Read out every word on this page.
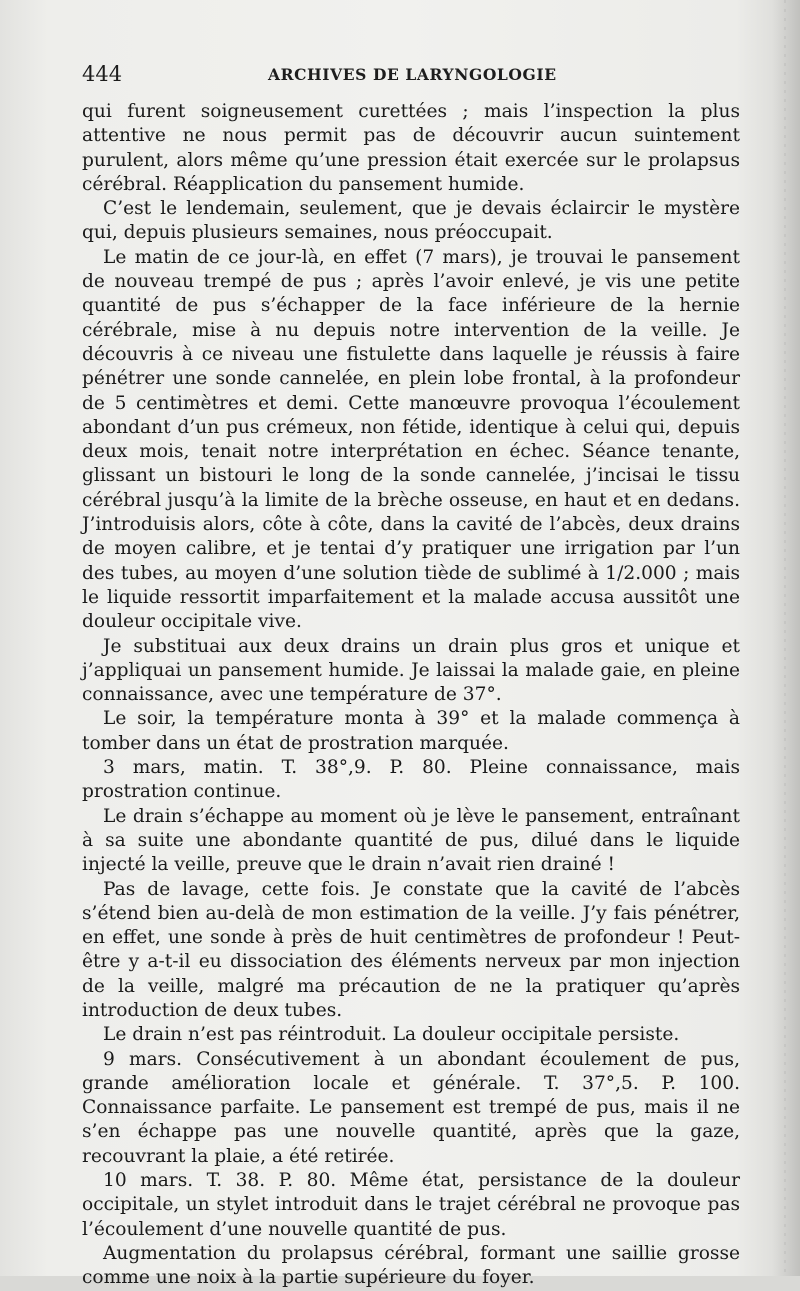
444	ARCHIVES DE LARYNGOLOGIE

qui furent soigneusement curettées ; mais l’inspection la plus attentive ne nous permit pas de découvrir aucun suintement purulent, alors même qu’une pression était exercée sur le prolapsus cérébral. Réapplication du pansement humide.

C’est le lendemain, seulement, que je devais éclaircir le mystère qui, depuis plusieurs semaines, nous préoccupait.

Le matin de ce jour-là, en effet (7 mars), je trouvai le pansement de nouveau trempé de pus ; après l’avoir enlevé, je vis une petite quantité de pus s’échapper de la face inférieure de la hernie cérébrale, mise à nu depuis notre intervention de la veille. Je découvris à ce niveau une fistulette dans laquelle je réussis à faire pénétrer une sonde cannelée, en plein lobe frontal, à la profondeur de 5 centimètres et demi. Cette manœuvre provoqua l’écoulement abondant d’un pus crémeux, non fétide, identique à celui qui, depuis deux mois, tenait notre interprétation en échec. Séance tenante, glissant un bistouri le long de la sonde cannelée, j’incisai le tissu cérébral jusqu’à la limite de la brèche osseuse, en haut et en dedans. J’introduisis alors, côte à côte, dans la cavité de l’abcès, deux drains de moyen calibre, et je tentai d’y pratiquer une irrigation par l’un des tubes, au moyen d’une solution tiède de sublimé à 1/2.000 ; mais le liquide ressortit imparfaitement et la malade accusa aussitôt une douleur occipitale vive.

Je substituai aux deux drains un drain plus gros et unique et j’appliquai un pansement humide. Je laissai la malade gaie, en pleine connaissance, avec une température de 37°.

Le soir, la température monta à 39° et la malade commença à tomber dans un état de prostration marquée.

3 mars, matin. T. 38°,9. P. 80. Pleine connaissance, mais prostration continue.

Le drain s’échappe au moment où je lève le pansement, entraînant à sa suite une abondante quantité de pus, dilué dans le liquide injecté la veille, preuve que le drain n’avait rien drainé !

Pas de lavage, cette fois. Je constate que la cavité de l’abcès s’étend bien au-delà de mon estimation de la veille. J’y fais pénétrer, en effet, une sonde à près de huit centimètres de profondeur ! Peut-être y a-t-il eu dissociation des éléments nerveux par mon injection de la veille, malgré ma précaution de ne la pratiquer qu’après introduction de deux tubes.

Le drain n’est pas réintroduit. La douleur occipitale persiste.

9 mars. Consécutivement à un abondant écoulement de pus, grande amélioration locale et générale. T. 37°,5. P. 100. Connaissance parfaite. Le pansement est trempé de pus, mais il ne s’en échappe pas une nouvelle quantité, après que la gaze, recouvrant la plaie, a été retirée.

10 mars. T. 38. P. 80. Même état, persistance de la douleur occipitale, un stylet introduit dans le trajet cérébral ne provoque pas l’écoulement d’une nouvelle quantité de pus.

Augmentation du prolapsus cérébral, formant une saillie grosse comme une noix à la partie supérieure du foyer.
